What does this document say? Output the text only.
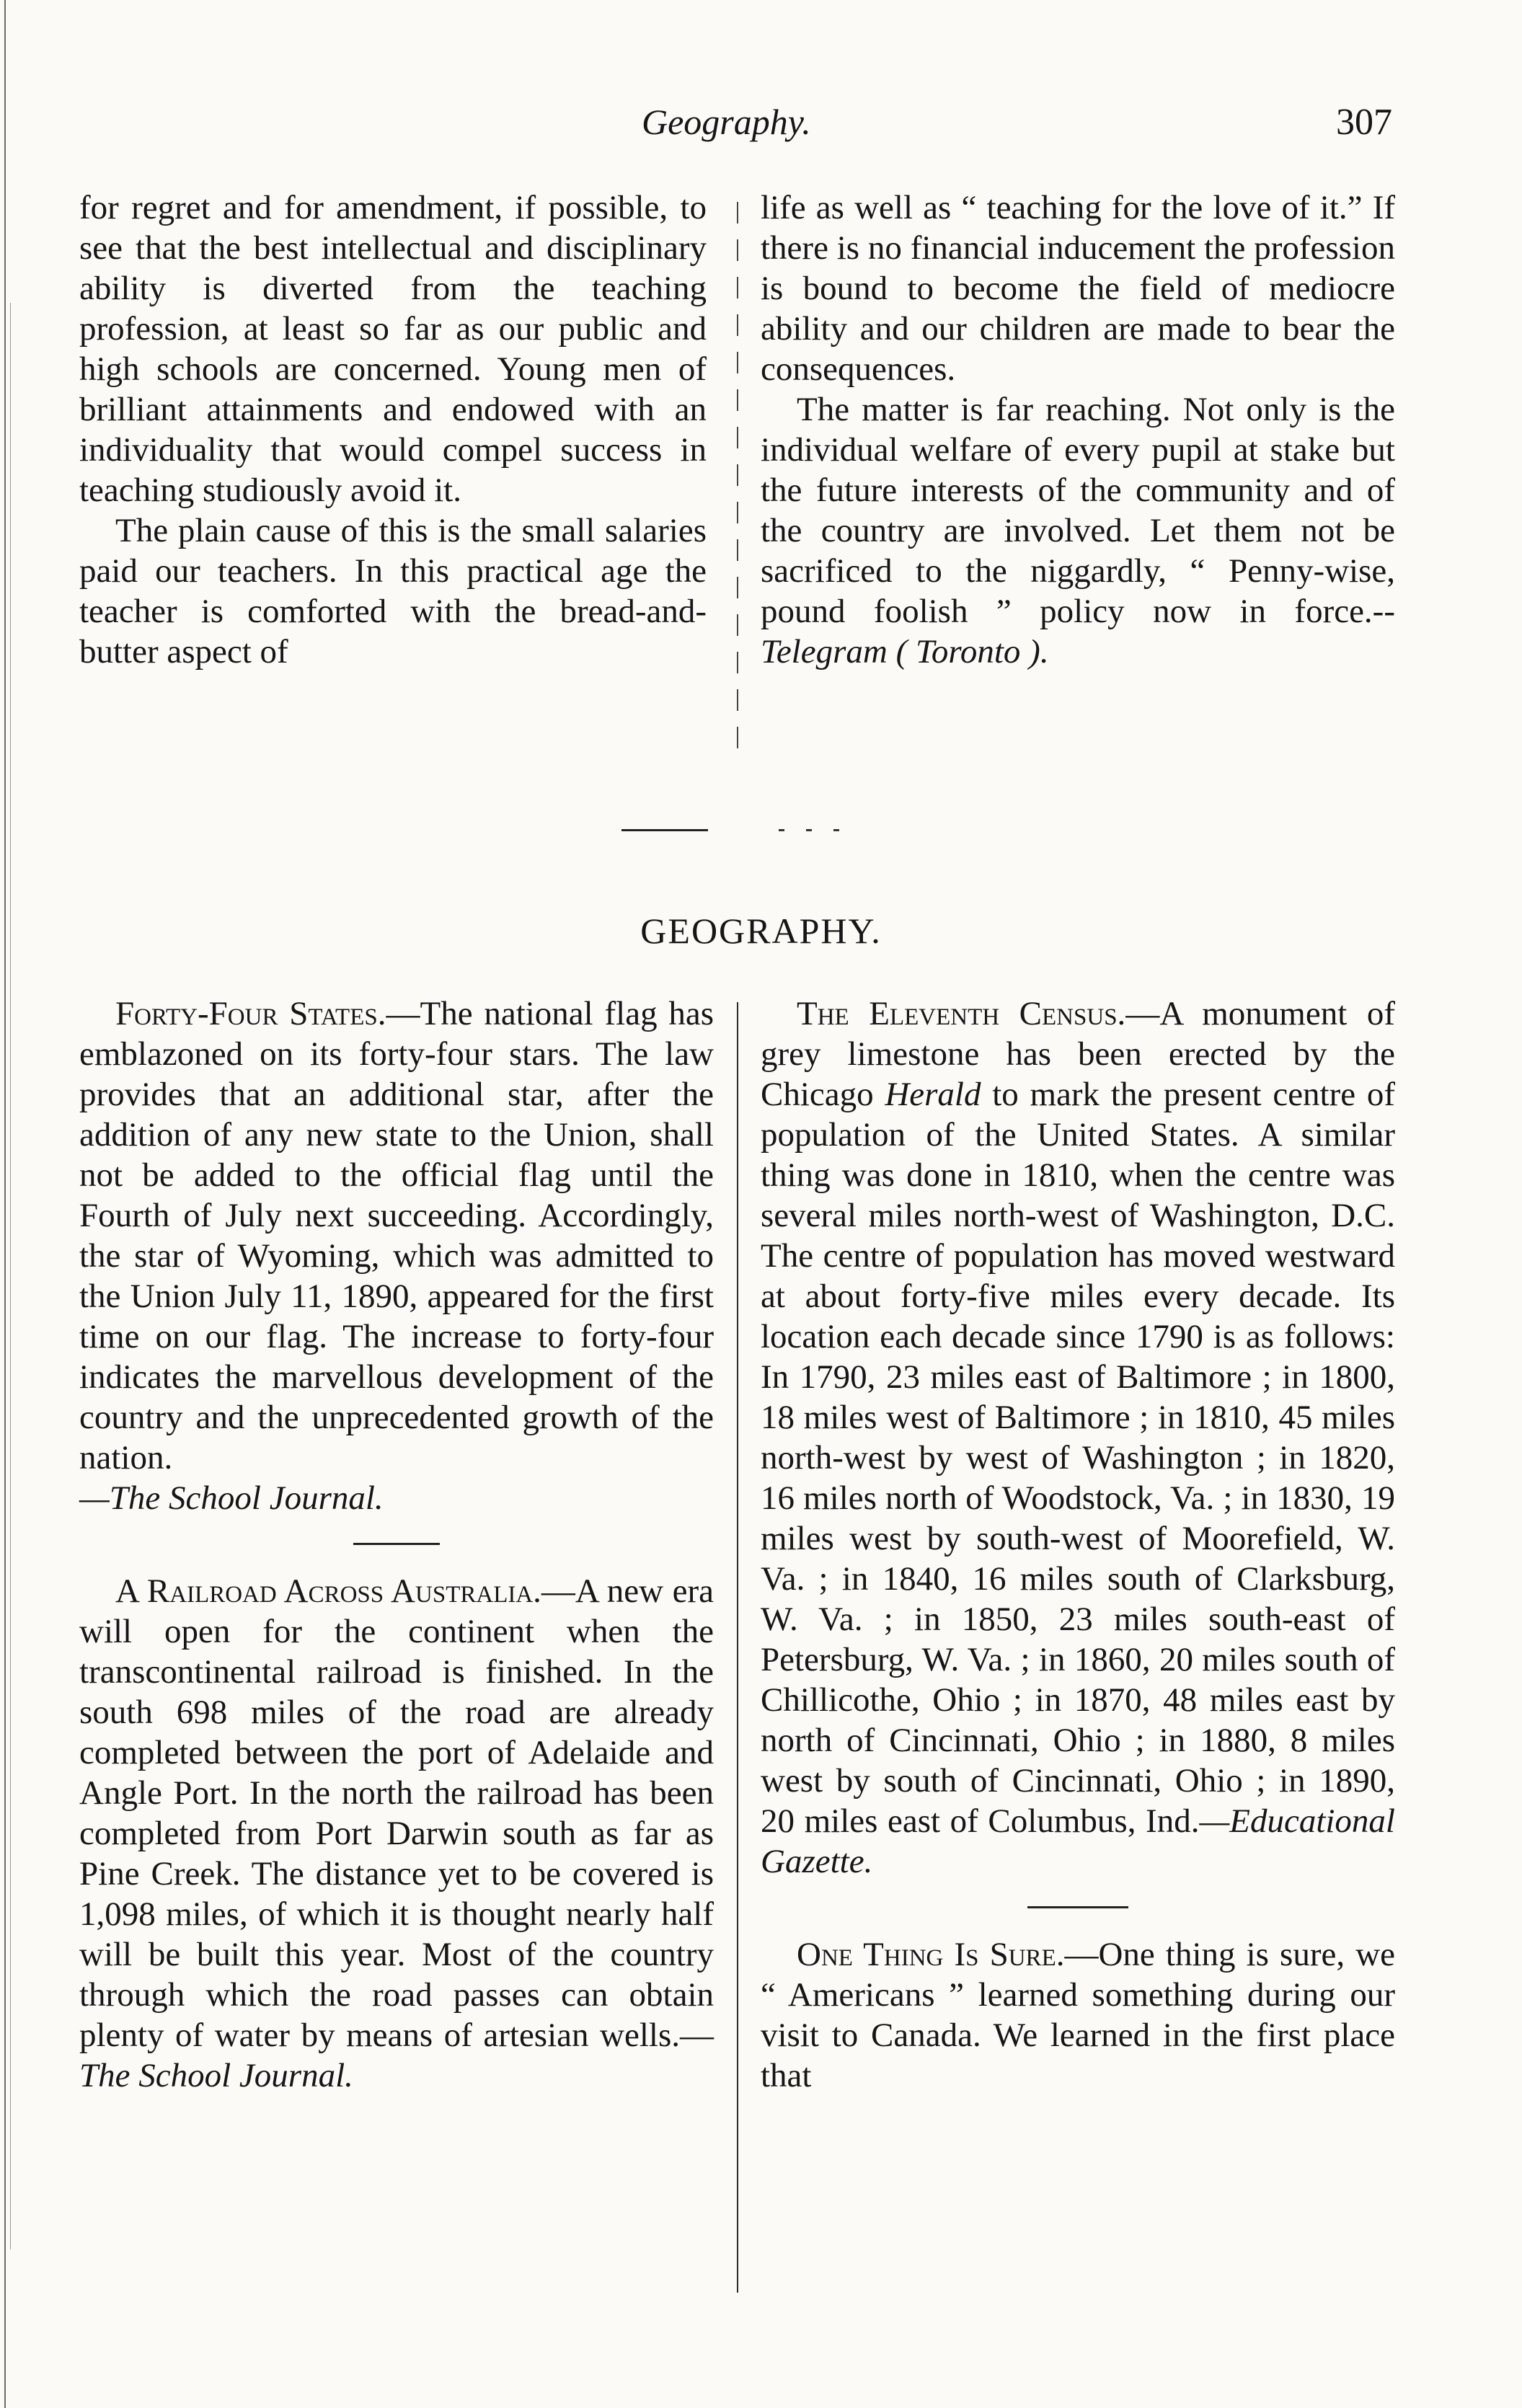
Geography.	307

for regret and for amendment, if possible, to see that the best intellectual and disciplinary ability is diverted from the teaching profession, at least so far as our public and high schools are concerned. Young men of brilliant attainments and endowed with an individuality that would compel success in teaching studiously avoid it.

The plain cause of this is the small salaries paid our teachers. In this practical age the teacher is comforted with the bread-and-butter aspect of

life as well as “ teaching for the love of it.” If there is no financial inducement the profession is bound to become the field of mediocre ability and our children are made to bear the consequences.

The matter is far reaching. Not only is the individual welfare of every pupil at stake but the future interests of the community and of the country are involved. Let them not be sacrificed to the niggardly, “ Penny-wise, pound foolish ” policy now in force.--Telegram ( Toronto ).

GEOGRAPHY.

Forty-Four States.—The national flag has emblazoned on its forty-four stars. The law provides that an additional star, after the addition of any new state to the Union, shall not be added to the official flag until the Fourth of July next succeeding. Accordingly, the star of Wyoming, which was admitted to the Union July 11, 1890, appeared for the first time on our flag. The increase to forty-four indicates the marvellous development of the country and the unprecedented growth of the nation.
—The School Journal.

A Railroad Across Australia.—A new era will open for the continent when the transcontinental railroad is finished. In the south 698 miles of the road are already completed between the port of Adelaide and Angle Port. In the north the railroad has been completed from Port Darwin south as far as Pine Creek. The distance yet to be covered is 1,098 miles, of which it is thought nearly half will be built this year. Most of the country through which the road passes can obtain plenty of water by means of artesian wells.—The School Journal.

The Eleventh Census.—A monument of grey limestone has been erected by the Chicago Herald to mark the present centre of population of the United States. A similar thing was done in 1810, when the centre was several miles north-west of Washington, D.C. The centre of population has moved westward at about forty-five miles every decade. Its location each decade since 1790 is as follows: In 1790, 23 miles east of Baltimore ; in 1800, 18 miles west of Baltimore ; in 1810, 45 miles north-west by west of Washington ; in 1820, 16 miles north of Woodstock, Va. ; in 1830, 19 miles west by south-west of Moorefield, W. Va. ; in 1840, 16 miles south of Clarksburg, W. Va. ; in 1850, 23 miles south-east of Petersburg, W. Va. ; in 1860, 20 miles south of Chillicothe, Ohio ; in 1870, 48 miles east by north of Cincinnati, Ohio ; in 1880, 8 miles west by south of Cincinnati, Ohio ; in 1890, 20 miles east of Columbus, Ind.—Educational Gazette.

One Thing Is Sure.—One thing is sure, we “ Americans ” learned something during our visit to Canada. We learned in the first place that
